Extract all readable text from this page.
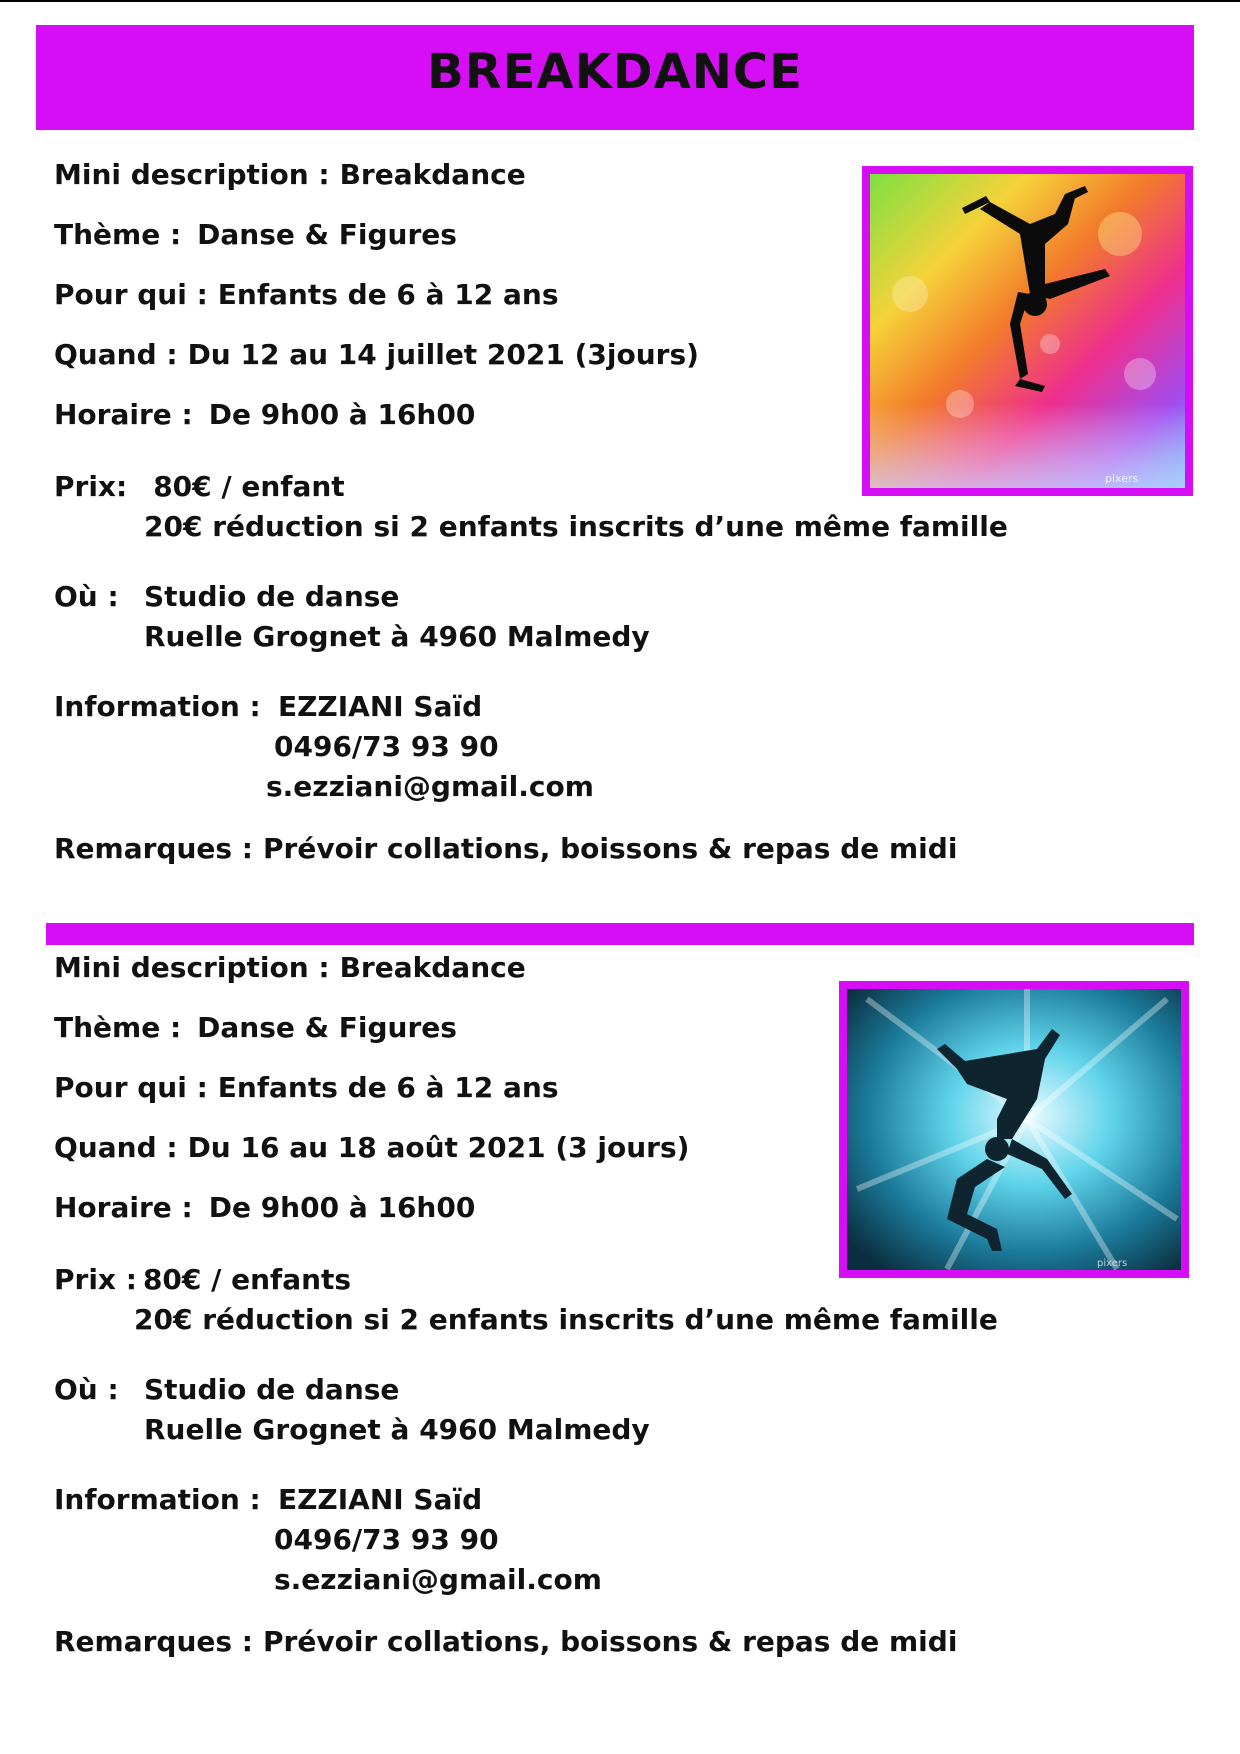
BREAKDANCE
Mini description : Breakdance
Thème : Danse & Figures
Pour qui : Enfants de 6 à 12 ans
Quand : Du 12 au 14 juillet 2021 (3jours)
Horaire : De 9h00 à 16h00
Prix: 80€ / enfant
20€ réduction si 2 enfants inscrits d’une même famille
Où : Studio de danse
Ruelle Grognet à 4960 Malmedy
Information : EZZIANI Saïd
0496/73 93 90
s.ezziani@gmail.com
Remarques : Prévoir collations, boissons & repas de midi
pixers
Mini description : Breakdance
Thème : Danse & Figures
Pour qui : Enfants de 6 à 12 ans
Quand : Du 16 au 18 août 2021 (3 jours)
Horaire : De 9h00 à 16h00
Prix : 80€ / enfants
20€ réduction si 2 enfants inscrits d’une même famille
Où : Studio de danse
Ruelle Grognet à 4960 Malmedy
Information : EZZIANI Saïd
0496/73 93 90
s.ezziani@gmail.com
Remarques : Prévoir collations, boissons & repas de midi
pixers
